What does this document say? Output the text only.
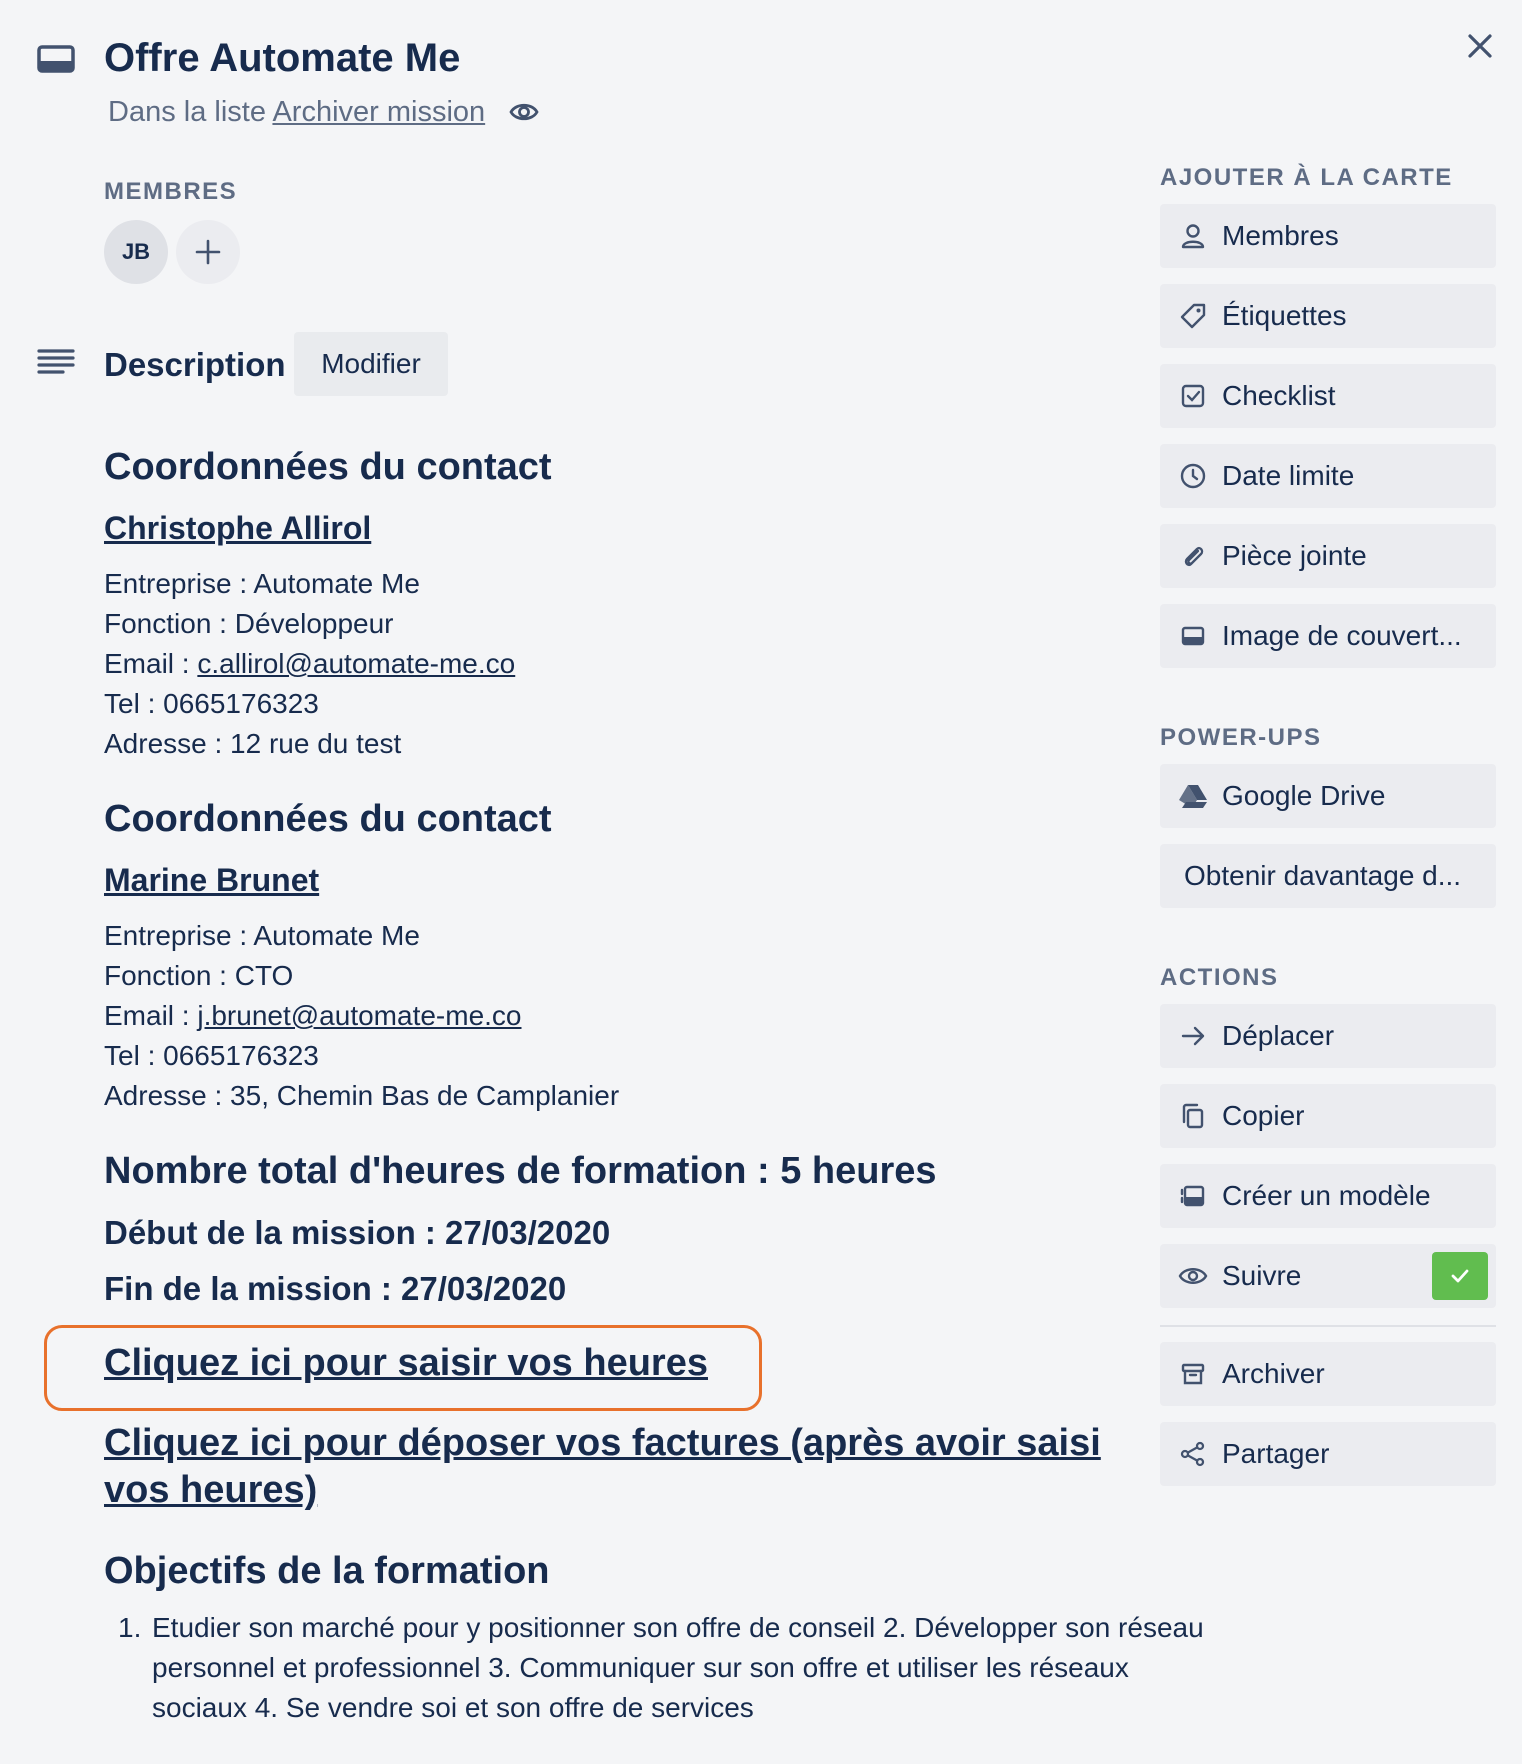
Offre Automate Me
Dans la liste Archiver mission
MEMBRES
JB
Description	Modifier
Coordonnées du contact
Christophe Allirol
Entreprise : Automate Me
Fonction : Développeur
Email : c.allirol@automate-me.co
Tel : 0665176323
Adresse : 12 rue du test
Coordonnées du contact
Marine Brunet
Entreprise : Automate Me
Fonction : CTO
Email : j.brunet@automate-me.co
Tel : 0665176323
Adresse : 35, Chemin Bas de Camplanier
Nombre total d'heures de formation : 5 heures
Début de la mission : 27/03/2020
Fin de la mission : 27/03/2020
Cliquez ici pour saisir vos heures
Cliquez ici pour déposer vos factures (après avoir saisi vos heures)
Objectifs de la formation
1. Etudier son marché pour y positionner son offre de conseil 2. Développer son réseau personnel et professionnel 3. Communiquer sur son offre et utiliser les réseaux sociaux 4. Se vendre soi et son offre de services
AJOUTER À LA CARTE
Membres
Étiquettes
Checklist
Date limite
Pièce jointe
Image de couvert...
POWER-UPS
Google Drive
Obtenir davantage d...
ACTIONS
Déplacer
Copier
Créer un modèle
Suivre
Archiver
Partager
